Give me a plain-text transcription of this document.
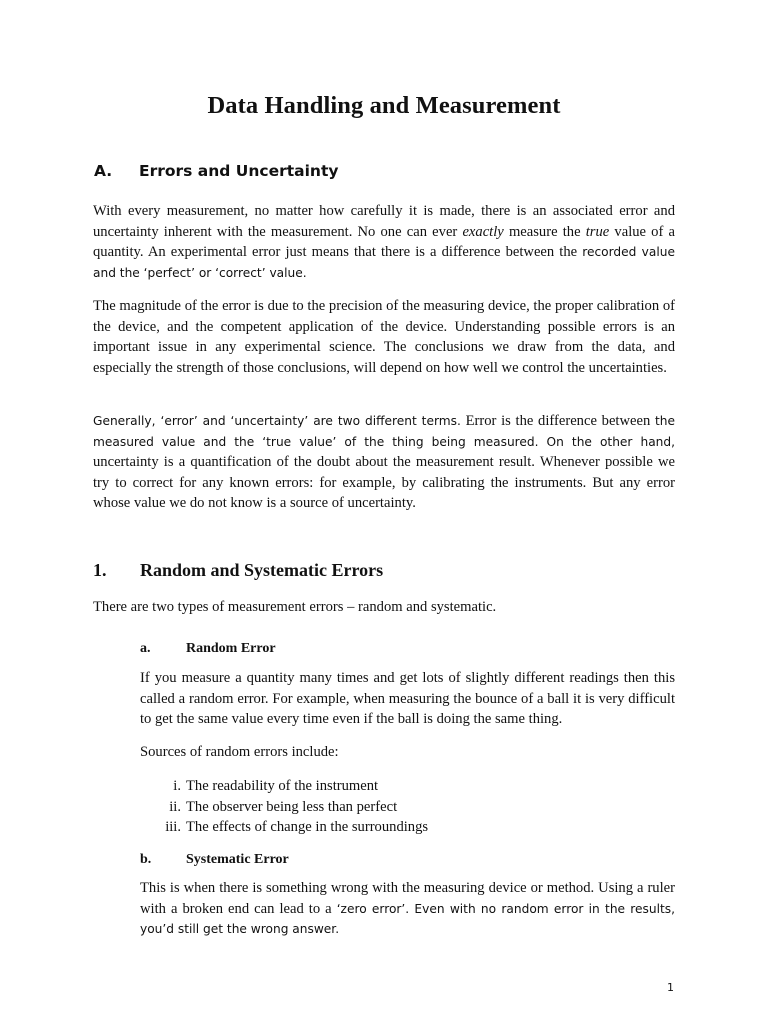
Data Handling and Measurement
A. Errors and Uncertainty

With every measurement, no matter how carefully it is made, there is an associated error and uncertainty inherent with the measurement. No one can ever exactly measure the true value of a quantity. An experimental error just means that there is a difference between the recorded value and the ‘perfect’ or ‘correct’ value.

The magnitude of the error is due to the precision of the measuring device, the proper calibration of the device, and the competent application of the device. Understanding possible errors is an important issue in any experimental science. The conclusions we draw from the data, and especially the strength of those conclusions, will depend on how well we control the uncertainties.

Generally, ‘error’ and ‘uncertainty’ are two different terms. Error is the difference between the measured value and the ‘true value’ of the thing being measured. On the other hand, uncertainty is a quantification of the doubt about the measurement result. Whenever possible we try to correct for any known errors: for example, by calibrating the instruments. But any error whose value we do not know is a source of uncertainty.

1. Random and Systematic Errors

There are two types of measurement errors – random and systematic.

a.	Random Error

If you measure a quantity many times and get lots of slightly different readings then this called a random error. For example, when measuring the bounce of a ball it is very difficult to get the same value every time even if the ball is doing the same thing.

Sources of random errors include:

i. The readability of the instrument
ii. The observer being less than perfect
iii. The effects of change in the surroundings
b. Systematic Error

This is when there is something wrong with the measuring device or method. Using a ruler with a broken end can lead to a ‘zero error’. Even with no random error in the results, you’d still get the wrong answer.

1
